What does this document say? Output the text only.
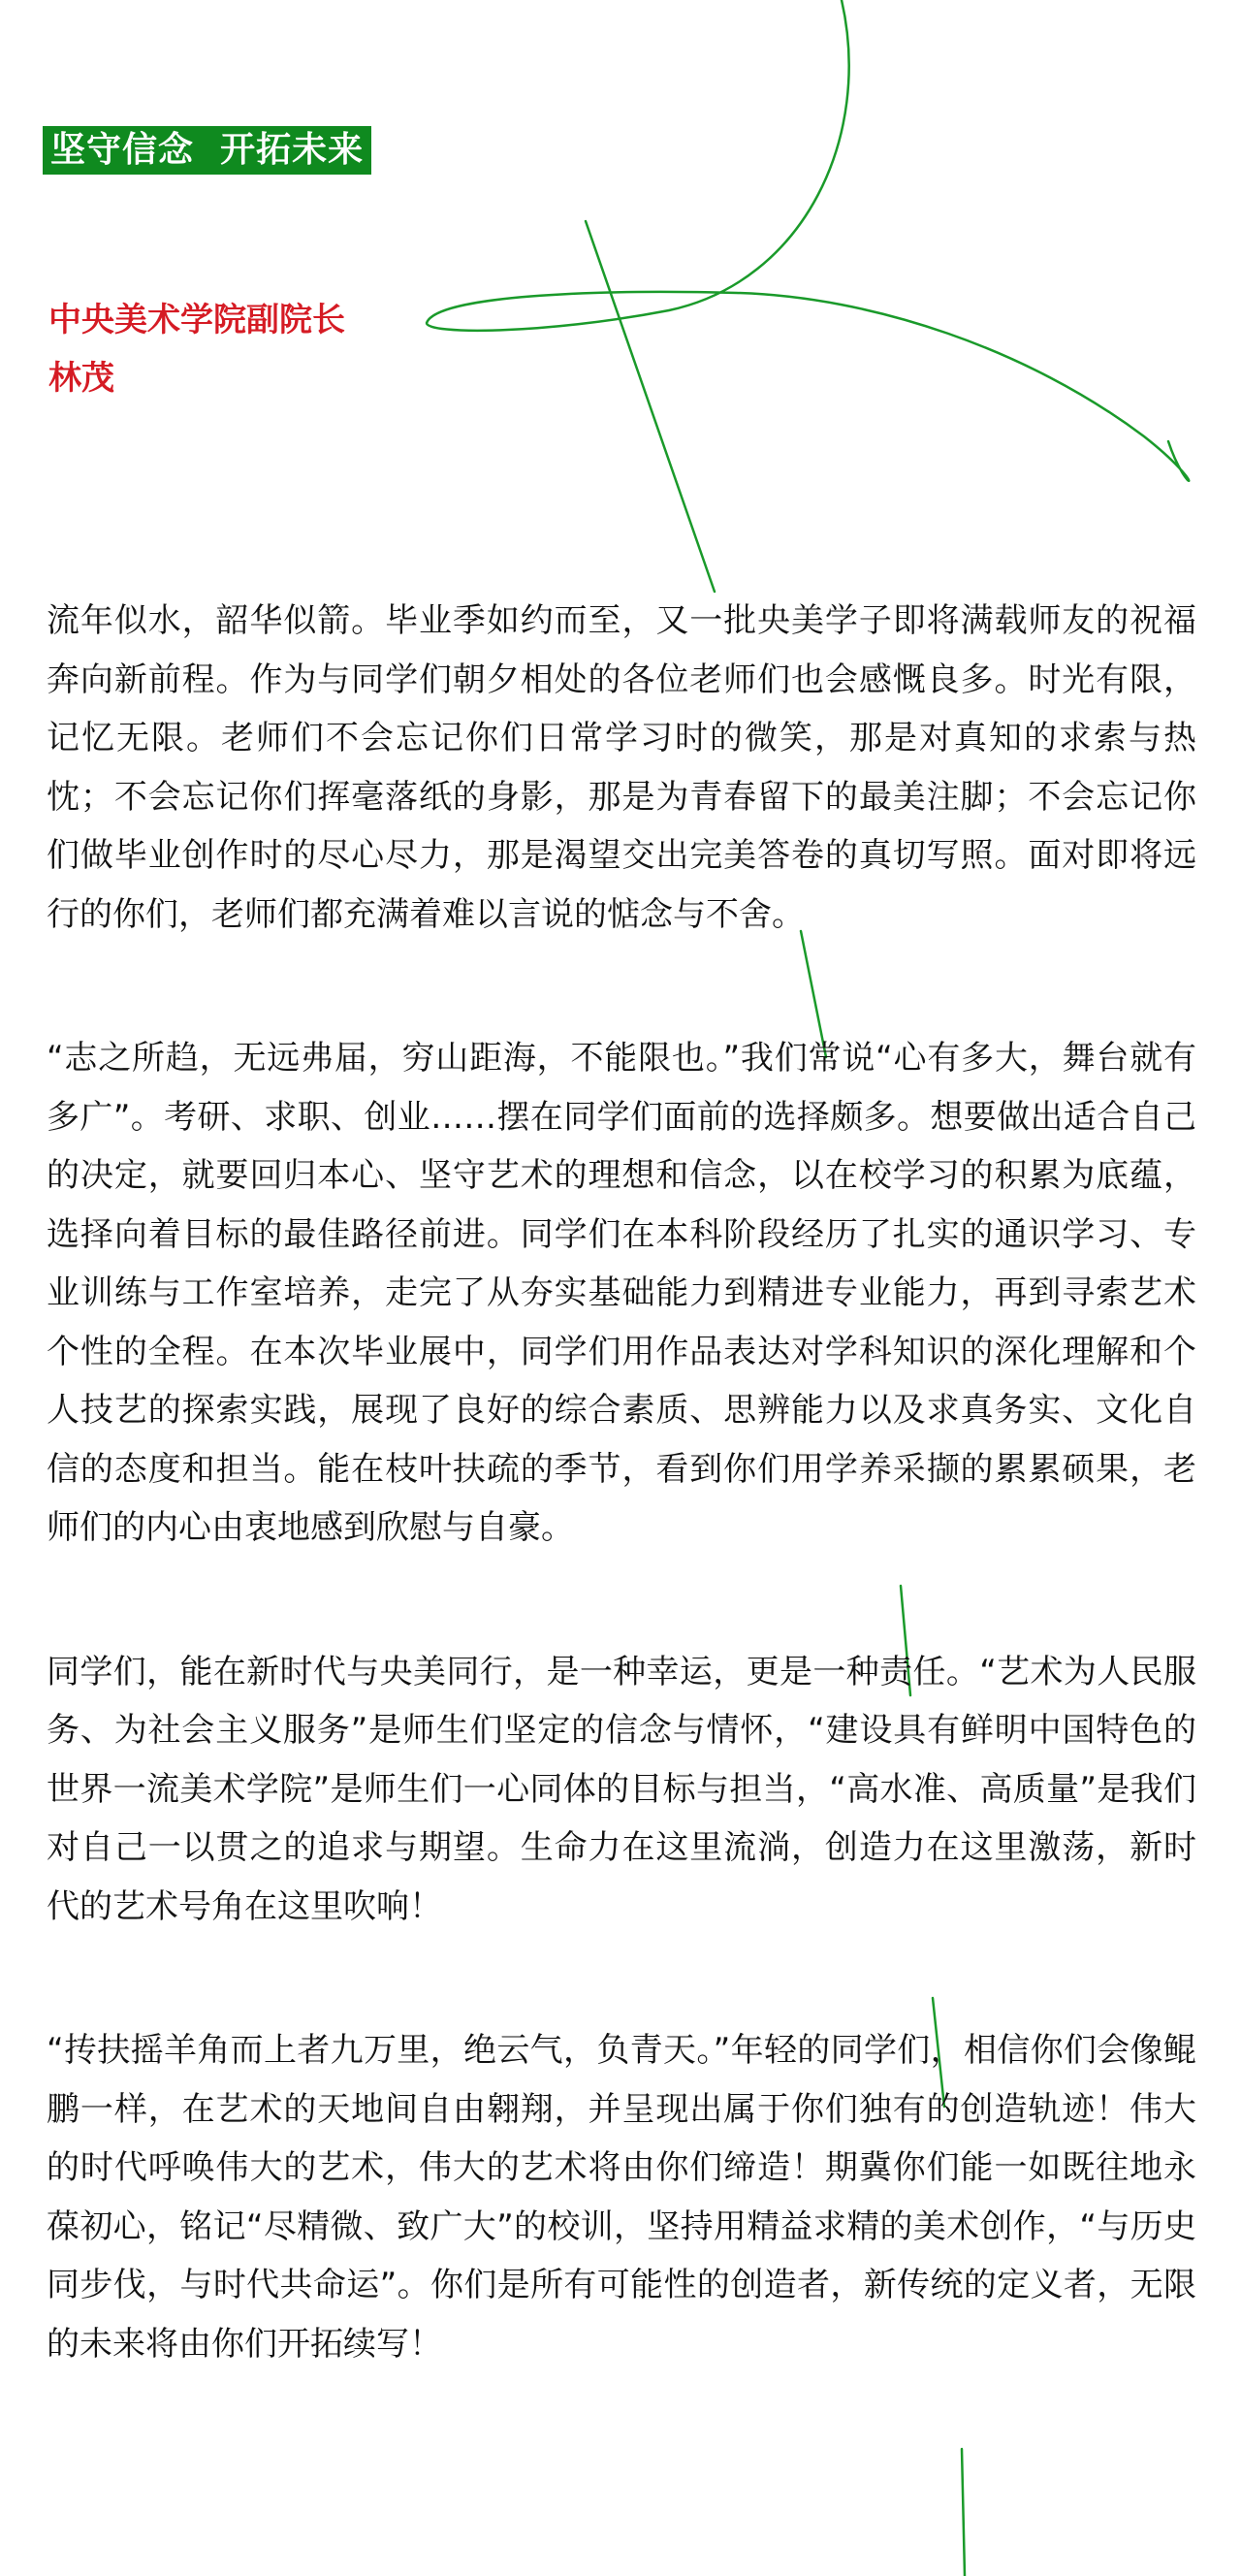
坚守信念  开拓未来
中央美术学院副院长
林茂

流年似水，韶华似箭。毕业季如约而至，又一批央美学子即将满载师友的祝福奔向新前程。作为与同学们朝夕相处的各位老师们也会感慨良多。时光有限，记忆无限。老师们不会忘记你们日常学习时的微笑，那是对真知的求索与热忱；不会忘记你们挥毫落纸的身影，那是为青春留下的最美注脚；不会忘记你们做毕业创作时的尽心尽力，那是渴望交出完美答卷的真切写照。面对即将远行的你们，老师们都充满着难以言说的惦念与不舍。

“志之所趋，无远弗届，穷山距海，不能限也。”我们常说“心有多大，舞台就有多广”。考研、求职、创业……摆在同学们面前的选择颇多。想要做出适合自己的决定，就要回归本心、坚守艺术的理想和信念，以在校学习的积累为底蕴，选择向着目标的最佳路径前进。同学们在本科阶段经历了扎实的通识学习、专业训练与工作室培养，走完了从夯实基础能力到精进专业能力，再到寻索艺术个性的全程。在本次毕业展中，同学们用作品表达对学科知识的深化理解和个人技艺的探索实践，展现了良好的综合素质、思辨能力以及求真务实、文化自信的态度和担当。能在枝叶扶疏的季节，看到你们用学养采撷的累累硕果，老师们的内心由衷地感到欣慰与自豪。

同学们，能在新时代与央美同行，是一种幸运，更是一种责任。“艺术为人民服务、为社会主义服务”是师生们坚定的信念与情怀，“建设具有鲜明中国特色的世界一流美术学院”是师生们一心同体的目标与担当，“高水准、高质量”是我们对自己一以贯之的追求与期望。生命力在这里流淌，创造力在这里激荡，新时代的艺术号角在这里吹响！

“抟扶摇羊角而上者九万里，绝云气，负青天。”年轻的同学们，相信你们会像鲲鹏一样，在艺术的天地间自由翱翔，并呈现出属于你们独有的创造轨迹！伟大的时代呼唤伟大的艺术，伟大的艺术将由你们缔造！期冀你们能一如既往地永葆初心，铭记“尽精微、致广大”的校训，坚持用精益求精的美术创作，“与历史同步伐，与时代共命运”。你们是所有可能性的创造者，新传统的定义者，无限的未来将由你们开拓续写！
